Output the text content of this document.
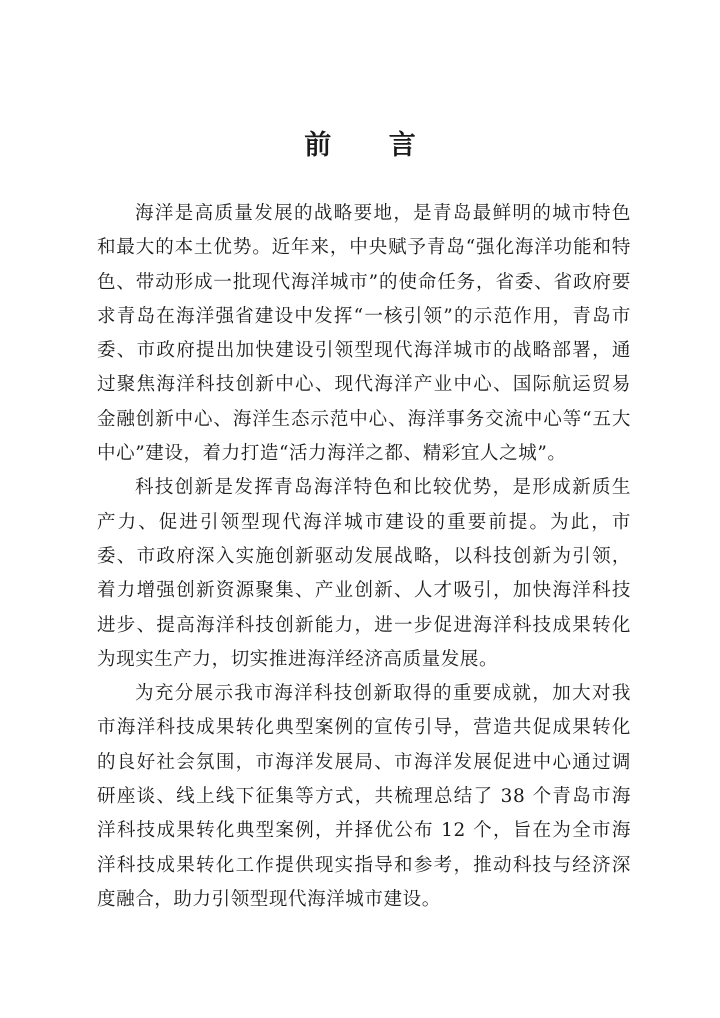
前 言

海洋是高质量发展的战略要地，是青岛最鲜明的城市特色和最大的本土优势。近年来，中央赋予青岛“强化海洋功能和特色、带动形成一批现代海洋城市”的使命任务，省委、省政府要求青岛在海洋强省建设中发挥“一核引领”的示范作用，青岛市委、市政府提出加快建设引领型现代海洋城市的战略部署，通过聚焦海洋科技创新中心、现代海洋产业中心、国际航运贸易金融创新中心、海洋生态示范中心、海洋事务交流中心等“五大中心”建设，着力打造“活力海洋之都、精彩宜人之城”。

科技创新是发挥青岛海洋特色和比较优势，是形成新质生产力、促进引领型现代海洋城市建设的重要前提。为此，市委、市政府深入实施创新驱动发展战略，以科技创新为引领，着力增强创新资源聚集、产业创新、人才吸引，加快海洋科技进步、提高海洋科技创新能力，进一步促进海洋科技成果转化为现实生产力，切实推进海洋经济高质量发展。

为充分展示我市海洋科技创新取得的重要成就，加大对我市海洋科技成果转化典型案例的宣传引导，营造共促成果转化的良好社会氛围，市海洋发展局、市海洋发展促进中心通过调研座谈、线上线下征集等方式，共梳理总结了 38 个青岛市海洋科技成果转化典型案例，并择优公布 12 个，旨在为全市海洋科技成果转化工作提供现实指导和参考，推动科技与经济深度融合，助力引领型现代海洋城市建设。
